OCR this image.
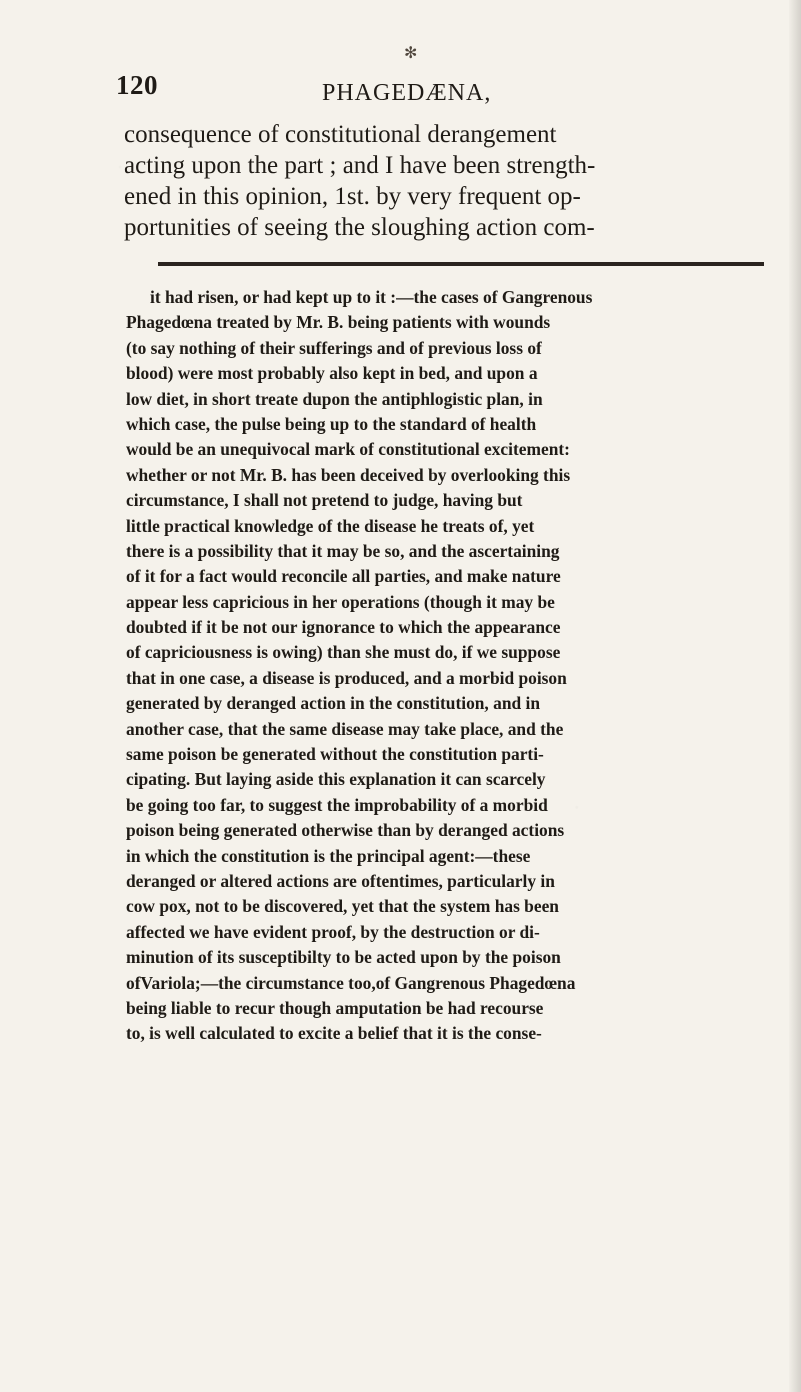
✻
120	PHAGEDÆNA,
consequence of constitutional derangement
acting upon the part ; and I have been strength-
ened in this opinion, 1st. by very frequent op-
portunities of seeing the sloughing action com-
it had risen, or had kept up to it :—the cases of Gangrenous
Phagedœna treated by Mr. B. being patients with wounds
(to say nothing of their sufferings and of previous loss of
blood) were most probably also kept in bed, and upon a
low diet, in short treate dupon the antiphlogistic plan, in
which case, the pulse being up to the standard of health
would be an unequivocal mark of constitutional excitement:
whether or not Mr. B. has been deceived by overlooking this
circumstance, I shall not pretend to judge, having but
little practical knowledge of the disease he treats of, yet
there is a possibility that it may be so, and the ascertaining
of it for a fact would reconcile all parties, and make nature
appear less capricious in her operations (though it may be
doubted if it be not our ignorance to which the appearance
of capriciousness is owing) than she must do, if we suppose
that in one case, a disease is produced, and a morbid poison
generated by deranged action in the constitution, and in
another case, that the same disease may take place, and the
same poison be generated without the constitution parti-
cipating. But laying aside this explanation it can scarcely
be going too far, to suggest the improbability of a morbid
poison being generated otherwise than by deranged actions
in which the constitution is the principal agent:—these
deranged or altered actions are oftentimes, particularly in
cow pox, not to be discovered, yet that the system has been
affected we have evident proof, by the destruction or di-
minution of its susceptibilty to be acted upon by the poison
ofVariola;—the circumstance too,of Gangrenous Phagedœna
being liable to recur though amputation be had recourse
to, is well calculated to excite a belief that it is the conse-
